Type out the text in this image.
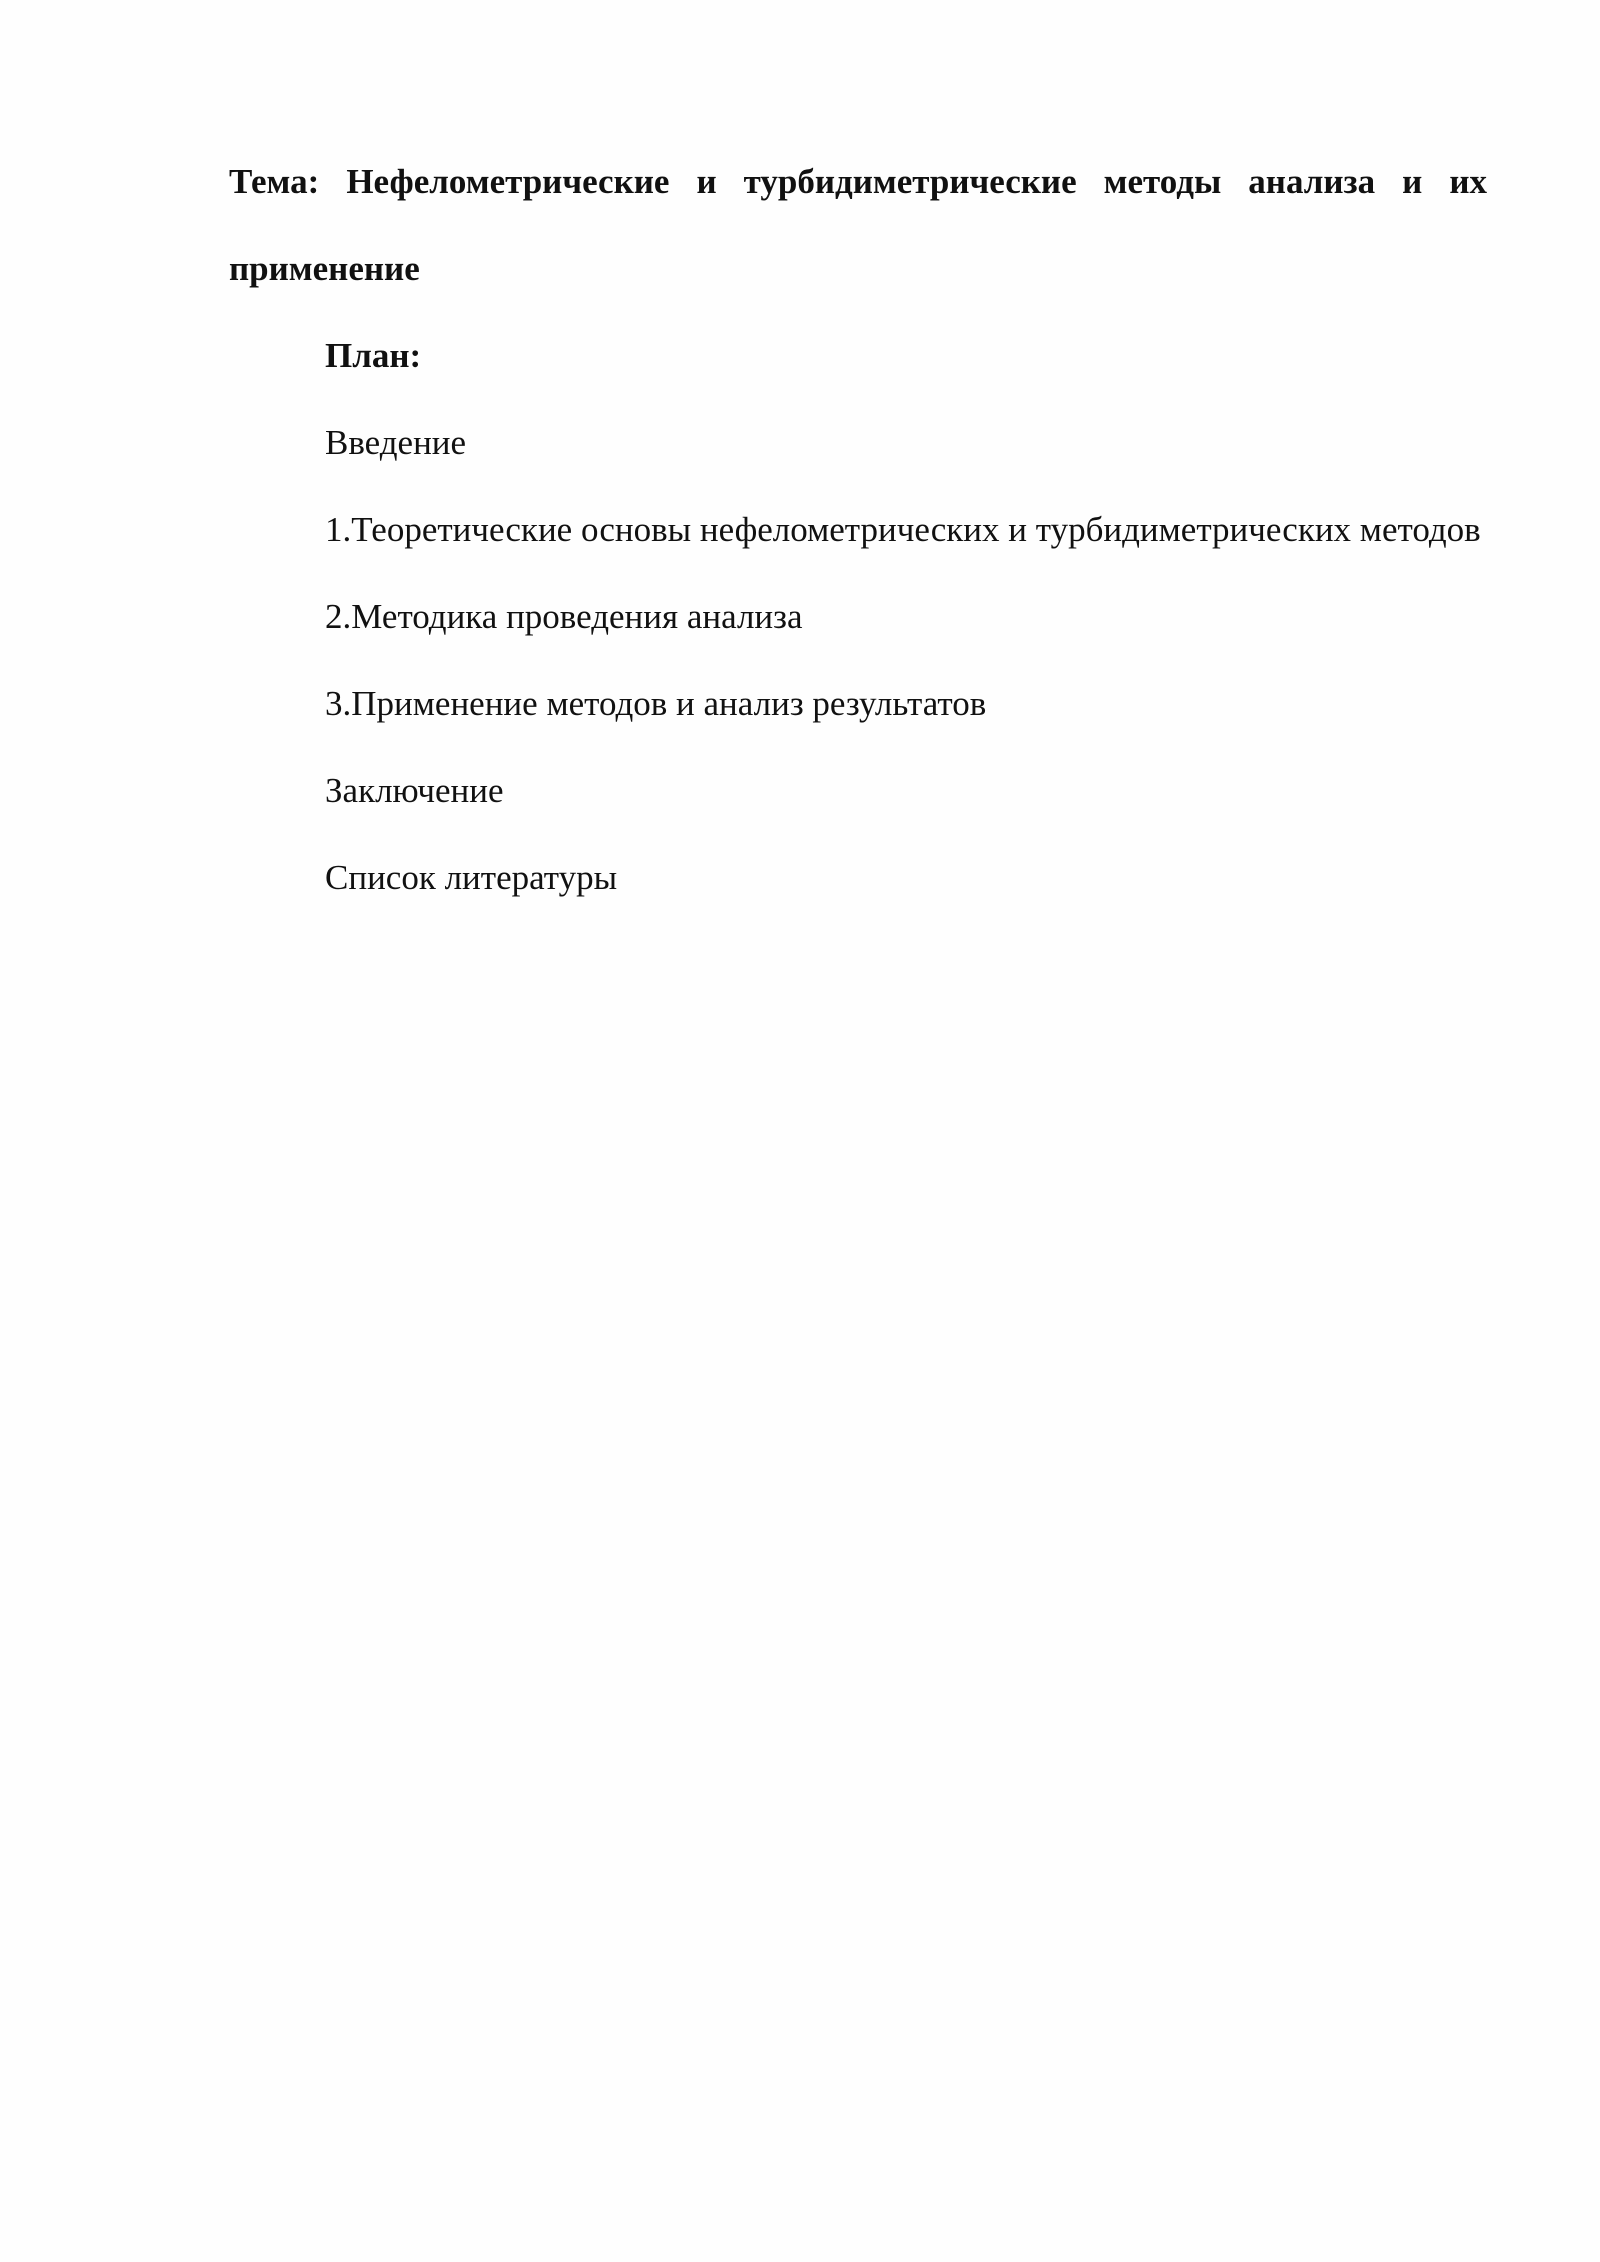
Тема: Нефелометрические и турбидиметрические методы анализа и их применение

План:

Введение

1.Теоретические основы нефелометрических и турбидиметрических методов

2.Методика проведения анализа

3.Применение методов и анализ результатов

Заключение

Список литературы
